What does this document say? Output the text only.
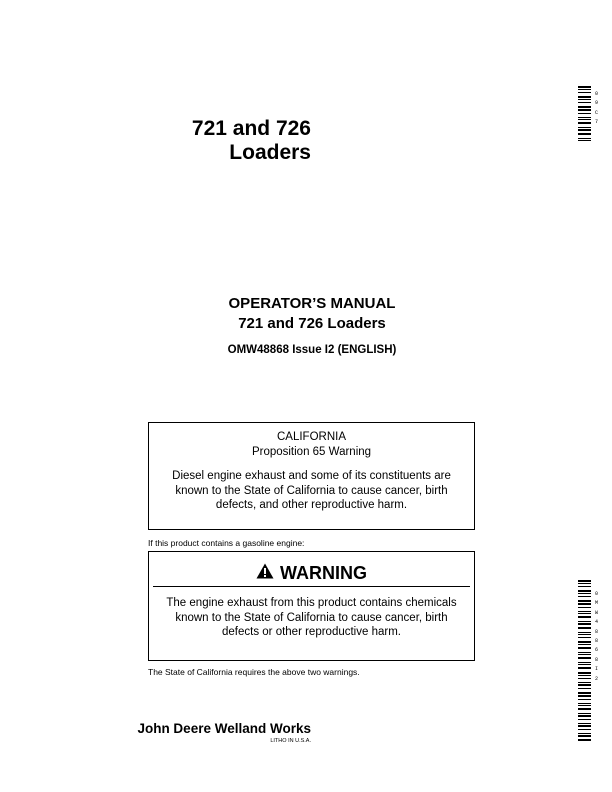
721 and 726
Loaders
OPERATOR’S MANUAL
721 and 726 Loaders
OMW48868 Issue I2 (ENGLISH)
CALIFORNIA
Proposition 65 Warning
Diesel engine exhaust and some of its constituents are known to the State of California to cause cancer, birth defects, and other reproductive harm.
If this product contains a gasoline engine:
WARNING
The engine exhaust from this product contains chemicals known to the State of California to cause cancer, birth defects or other reproductive harm.
The State of California requires the above two warnings.
John Deere Welland Works
LITHO IN U.S.A.
0
9
C
7
0
M
W
4
8
8
6
8
I
2
